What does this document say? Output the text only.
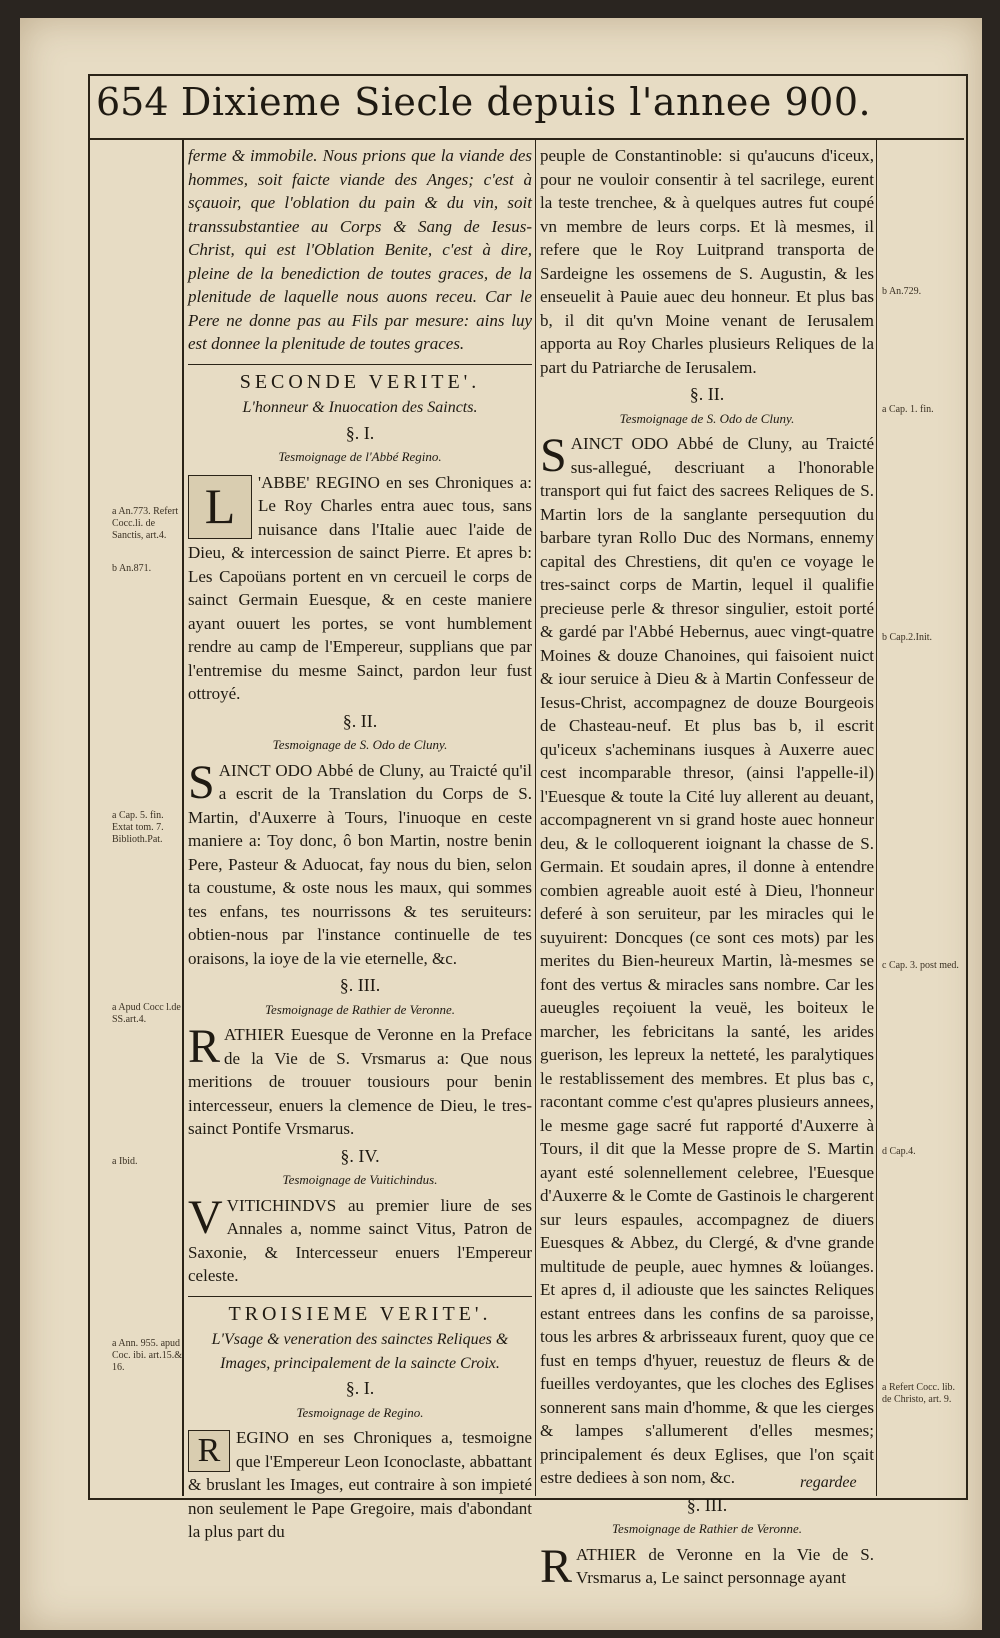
654 Dixieme Siecle depuis l'annee 900.

ferme & immobile. Nous prions que la viande des hommes, soit faicte viande des Anges; c'est à sçauoir, que l'oblation du pain & du vin, soit transsubstantiee au Corps & Sang de Iesus-Christ, qui est l'Oblation Benite, c'est à dire, pleine de la benediction de toutes graces, de la plenitude de laquelle nous auons receu. Car le Pere ne donne pas au Fils par mesure: ains luy est donnee la plenitude de toutes graces.

SECONDE VERITE'.
L'honneur & Inuocation des Saincts.
§. I.
Tesmoignage de l'Abbé Regino.

L	'ABBE' REGINO en ses Chroniques a: Le Roy Charles entra auec tous, sans nuisance dans l'Italie auec l'aide de Dieu, & intercession de sainct Pierre. Et apres b: Les Capoüans portent en vn cercueil le corps de sainct Germain Euesque, & en ceste maniere ayant ouuert les portes, se vont humblement rendre au camp de l'Empereur, supplians que par l'entremise du mesme Sainct, pardon leur fust ottroyé.

§. II.
Tesmoignage de S. Odo de Cluny.

SAINCT ODO Abbé de Cluny, au Traicté qu'il a escrit de la Translation du Corps de S. Martin, d'Auxerre à Tours, l'inuoque en ceste maniere a: Toy donc, ô bon Martin, nostre benin Pere, Pasteur & Aduocat, fay nous du bien, selon ta coustume, & oste nous les maux, qui sommes tes enfans, tes nourrissons & tes seruiteurs: obtien-nous par l'instance continuelle de tes oraisons, la ioye de la vie eternelle, &c.

§. III.
Tesmoignage de Rathier de Veronne.

RATHIER Euesque de Veronne en la Preface de la Vie de S. Vrsmarus a: Que nous meritions de trouuer tousiours pour benin intercesseur, enuers la clemence de Dieu, le tres-sainct Pontife Vrsmarus.

§. IV.
Tesmoignage de Vuitichindus.

VVITICHINDVS au premier liure de ses Annales a, nomme sainct Vitus, Patron de Saxonie, & Intercesseur enuers l'Empereur celeste.

TROISIEME VERITE'.
L'Vsage & veneration des sainctes Reliques & Images, principalement de la saincte Croix.
§. I.
Tesmoignage de Regino.

R EGINO en ses Chroniques a, tesmoigne que l'Empereur Leon Iconoclaste, abbattant & bruslant les Images, eut contraire à son impieté non seulement le Pape Gregoire, mais d'abondant la plus part du

peuple de Constantinoble: si qu'aucuns d'iceux, pour ne vouloir consentir à tel sacrilege, eurent la teste trenchee, & à quelques autres fut coupé vn membre de leurs corps. Et là mesmes, il refere que le Roy Luitprand transporta de Sardeigne les ossemens de S. Augustin, & les enseuelit à Pauie auec deu honneur. Et plus bas b, il dit qu'vn Moine venant de Ierusalem apporta au Roy Charles plusieurs Reliques de la part du Patriarche de Ierusalem.

§. II.
Tesmoignage de S. Odo de Cluny.

SAINCT ODO Abbé de Cluny, au Traicté sus-allegué, descriuant a l'honorable transport qui fut faict des sacrees Reliques de S. Martin lors de la sanglante persequution du barbare tyran Rollo Duc des Normans, ennemy capital des Chrestiens, dit qu'en ce voyage le tres-sainct corps de Martin, lequel il qualifie precieuse perle & thresor singulier, estoit porté & gardé par l'Abbé Hebernus, auec vingt-quatre Moines & douze Chanoines, qui faisoient nuict & iour seruice à Dieu & à Martin Confesseur de Iesus-Christ, accompagnez de douze Bourgeois de Chasteau-neuf. Et plus bas b, il escrit qu'iceux s'acheminans iusques à Auxerre auec cest incomparable thresor, (ainsi l'appelle-il) l'Euesque & toute la Cité luy allerent au deuant, accompagnerent vn si grand hoste auec honneur deu, & le colloquerent ioignant la chasse de S. Germain. Et soudain apres, il donne à entendre combien agreable auoit esté à Dieu, l'honneur deferé à son seruiteur, par les miracles qui le suyuirent: Doncques (ce sont ces mots) par les merites du Bien-heureux Martin, là-mesmes se font des vertus & miracles sans nombre. Car les aueugles reçoiuent la veuë, les boiteux le marcher, les febricitans la santé, les arides guerison, les lepreux la netteté, les paralytiques le restablissement des membres. Et plus bas c, racontant comme c'est qu'apres plusieurs annees, le mesme gage sacré fut rapporté d'Auxerre à Tours, il dit que la Messe propre de S. Martin ayant esté solennellement celebree, l'Euesque d'Auxerre & le Comte de Gastinois le chargerent sur leurs espaules, accompagnez de diuers Euesques & Abbez, du Clergé, & d'vne grande multitude de peuple, auec hymnes & loüanges. Et apres d, il adiouste que les sainctes Reliques estant entrees dans les confins de sa paroisse, tous les arbres & arbrisseaux furent, quoy que ce fust en temps d'hyuer, reuestuz de fleurs & de fueilles verdoyantes, que les cloches des Eglises sonnerent sans main d'homme, & que les cierges & lampes s'allumerent d'elles mesmes; principalement és deux Eglises, que l'on sçait estre dediees à son nom, &c.

§. III.
Tesmoignage de Rathier de Veronne.

RATHIER de Veronne en la Vie de S. Vrsmarus a, Le sainct personnage ayant

a An.773. Refert Cocc.li. de Sanctis, art.4.
b An.871.
a Cap. 5. fin. Extat tom. 7. Biblioth.Pat.
a Apud Cocc l.de SS.art.4.
a Ibid.
a Ann. 955. apud Coc. ibi. art.15.& 16.
b An.729.
a Cap. 1. fin.
b Cap.2.Init.
c Cap. 3. post med.
d Cap.4.
a Refert Cocc. lib. de Christo, art. 9.
regardee
